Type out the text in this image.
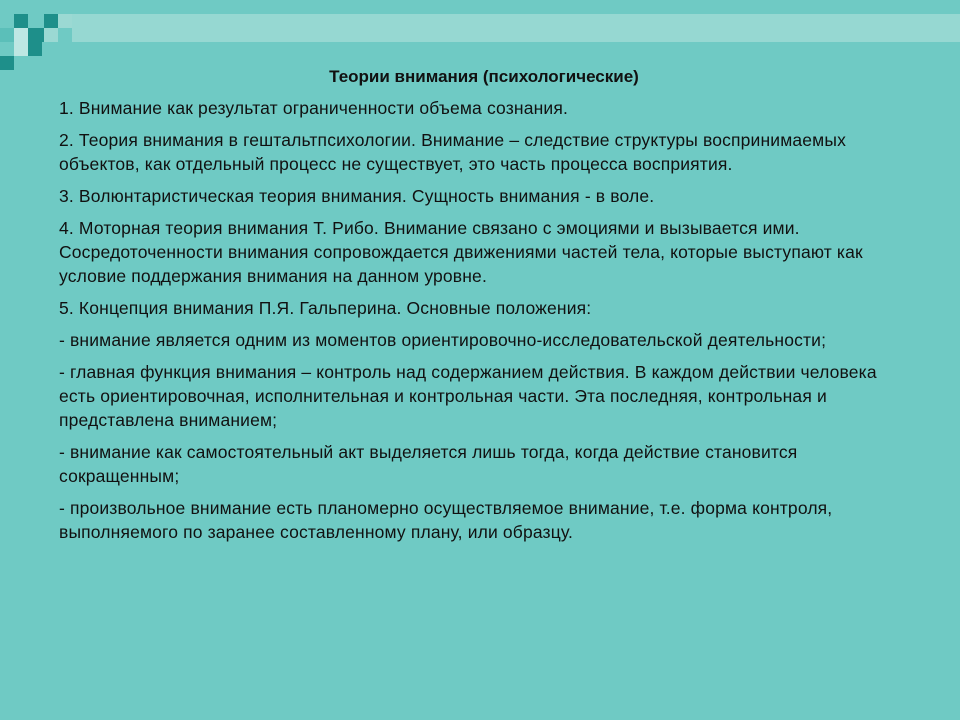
Теории внимания (психологические)

1. Внимание как результат ограниченности объема сознания.

2. Теория внимания в гештальтпсихологии. Внимание – следствие структуры воспринимаемых объектов, как отдельный процесс не существует, это часть процесса восприятия.

3. Волюнтаристическая теория внимания. Сущность внимания - в воле.

4. Моторная теория внимания Т. Рибо. Внимание связано с эмоциями и вызывается ими. Сосредоточенности внимания сопровождается движениями частей тела, которые выступают как условие поддержания внимания на данном уровне.

5. Концепция внимания П.Я. Гальперина. Основные положения:

- внимание является одним из моментов ориентировочно-исследовательской деятельности;

- главная функция внимания – контроль над содержанием действия. В каждом действии человека есть ориентировочная, исполнительная и контрольная части. Эта последняя, контрольная и представлена вниманием;

- внимание как самостоятельный акт выделяется лишь тогда, когда действие становится сокращенным;

- произвольное внимание есть планомерно осуществляемое внимание, т.е. форма контроля, выполняемого по заранее составленному плану, или образцу.
